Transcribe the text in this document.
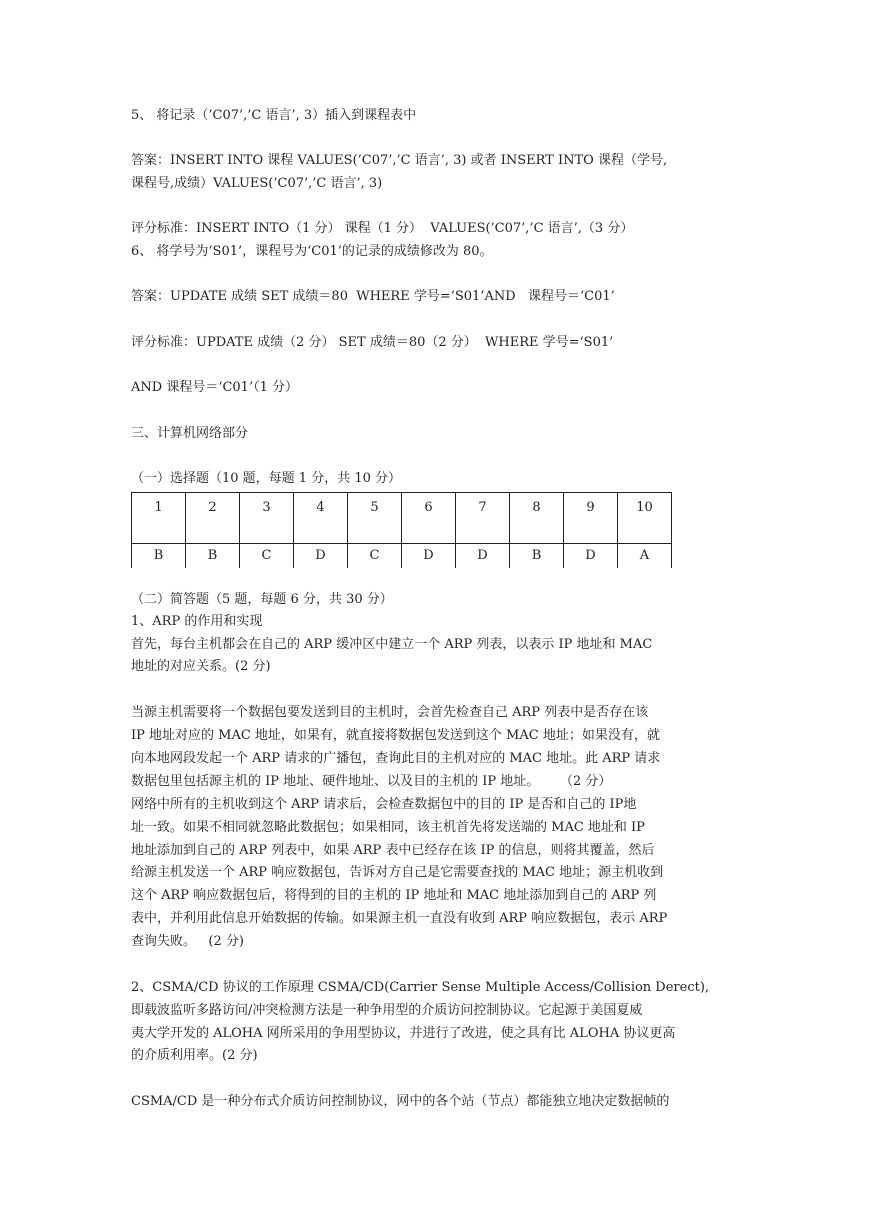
5、 将记录（’C07’,’C 语言’, 3）插入到课程表中
答案：INSERT INTO 课程 VALUES(’C07’,’C 语言’, 3) 或者 INSERT INTO 课程（学号,
课程号,成绩）VALUES(’C07’,’C 语言’, 3)
评分标准：INSERT INTO（1 分） 课程（1 分）  VALUES(’C07’,’C 语言’,（3 分）
6、 将学号为‘S01’，课程号为‘C01’的记录的成绩修改为 80。
答案：UPDATE 成绩 SET 成绩＝80  WHERE 学号=‘S01’AND   课程号＝‘C01’
评分标准：UPDATE 成绩（2 分） SET 成绩＝80（2 分）  WHERE 学号=‘S01’
AND 课程号＝‘C01’（1 分）
三、计算机网络部分
（一）选择题（10 题，每题 1 分，共 10 分）
1	2	3	4	5	6	7	8	9	10
B	B	C	D	C	D	D	B	D	A
（二）简答题（5 题，每题 6 分，共 30 分）
1、ARP 的作用和实现
首先，每台主机都会在自己的 ARP 缓冲区中建立一个 ARP 列表，以表示 IP 地址和 MAC
地址的对应关系。(2 分)
当源主机需要将一个数据包要发送到目的主机时，会首先检查自己 ARP 列表中是否存在该
IP 地址对应的 MAC 地址，如果有，就直接将数据包发送到这个 MAC 地址；如果没有，就
向本地网段发起一个 ARP 请求的广播包，查询此目的主机对应的 MAC 地址。此 ARP 请求
数据包里包括源主机的 IP 地址、硬件地址、以及目的主机的 IP 地址。     （2 分）
网络中所有的主机收到这个 ARP 请求后，会检查数据包中的目的 IP 是否和自己的 IP地
址一致。如果不相同就忽略此数据包；如果相同，该主机首先将发送端的 MAC 地址和 IP
地址添加到自己的 ARP 列表中，如果 ARP 表中已经存在该 IP 的信息，则将其覆盖，然后
给源主机发送一个 ARP 响应数据包，告诉对方自己是它需要查找的 MAC 地址；源主机收到
这个 ARP 响应数据包后，将得到的目的主机的 IP 地址和 MAC 地址添加到自己的 ARP 列
表中，并利用此信息开始数据的传输。如果源主机一直没有收到 ARP 响应数据包，表示 ARP
查询失败。   (2 分)
2、CSMA/CD 协议的工作原理 CSMA/CD(Carrier Sense Multiple Access/Collision Derect),
即载波监听多路访问/冲突检测方法是一种争用型的介质访问控制协议。它起源于美国夏威
夷大学开发的 ALOHA 网所采用的争用型协议，并进行了改进，使之具有比 ALOHA 协议更高
的介质利用率。(2 分)
CSMA/CD 是一种分布式介质访问控制协议，网中的各个站（节点）都能独立地决定数据帧的
